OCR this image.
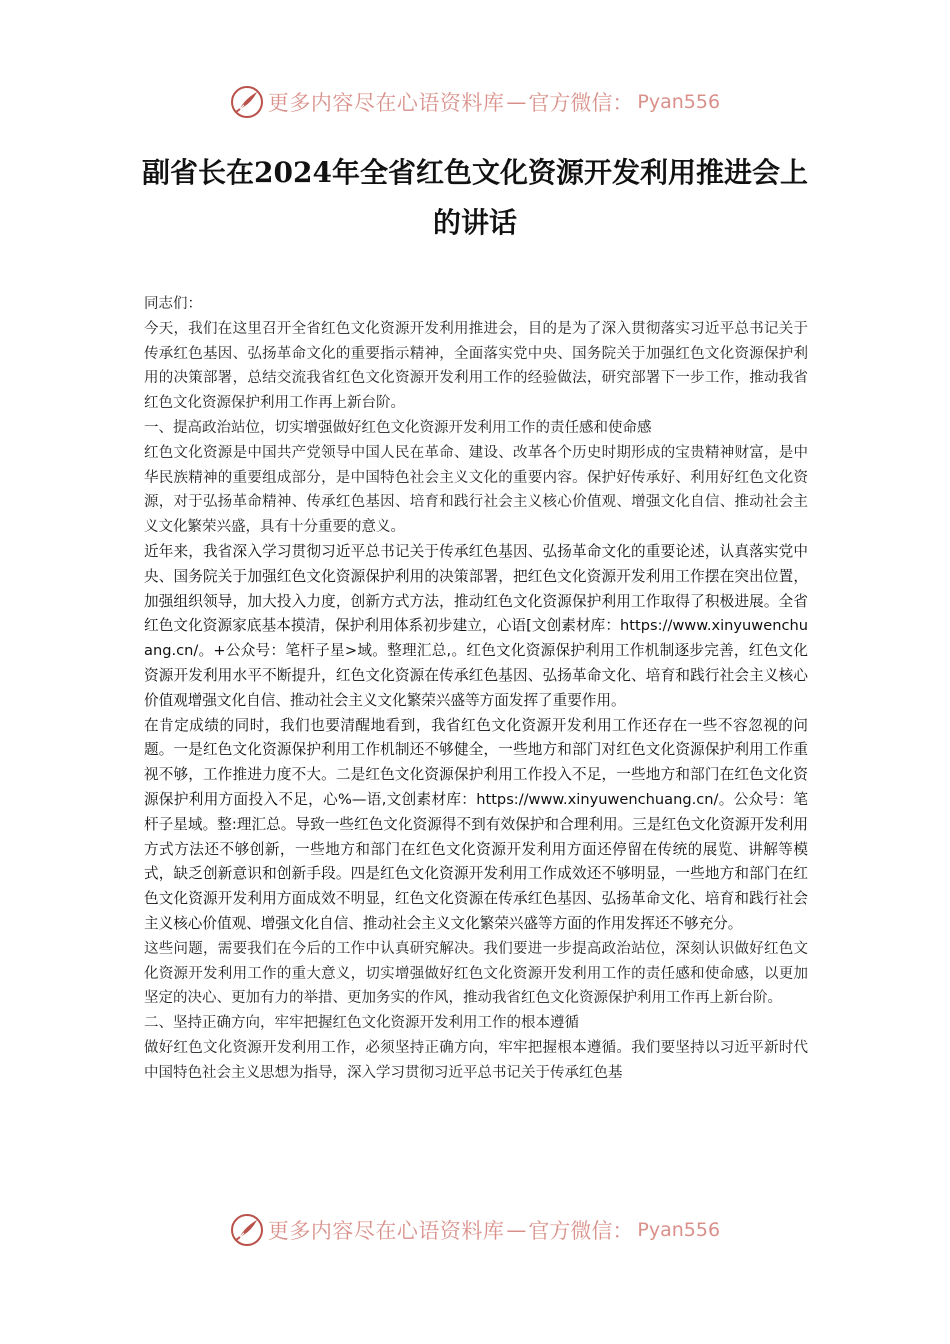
更多内容尽在心语资料库 — 官方微信： Pyan556
副省长在2024年全省红色文化资源开发利用推进会上的讲话

同志们：

今天，我们在这里召开全省红色文化资源开发利用推进会，目的是为了深入贯彻落实习近平总书记关于传承红色基因、弘扬革命文化的重要指示精神，全面落实党中央、国务院关于加强红色文化资源保护利用的决策部署，总结交流我省红色文化资源开发利用工作的经验做法，研究部署下一步工作，推动我省红色文化资源保护利用工作再上新台阶。

一、提高政治站位，切实增强做好红色文化资源开发利用工作的责任感和使命感

红色文化资源是中国共产党领导中国人民在革命、建设、改革各个历史时期形成的宝贵精神财富，是中华民族精神的重要组成部分，是中国特色社会主义文化的重要内容。保护好传承好、利用好红色文化资源，对于弘扬革命精神、传承红色基因、培育和践行社会主义核心价值观、增强文化自信、推动社会主义文化繁荣兴盛，具有十分重要的意义。

近年来，我省深入学习贯彻习近平总书记关于传承红色基因、弘扬革命文化的重要论述，认真落实党中央、国务院关于加强红色文化资源保护利用的决策部署，把红色文化资源开发利用工作摆在突出位置，加强组织领导，加大投入力度，创新方式方法，推动红色文化资源保护利用工作取得了积极进展。全省红色文化资源家底基本摸清，保护利用体系初步建立，心语[文创素材库：https://www.xinyuwenchuang.cn/。+公众号：笔杆子星>域。整理汇总,。红色文化资源保护利用工作机制逐步完善，红色文化资源开发利用水平不断提升，红色文化资源在传承红色基因、弘扬革命文化、培育和践行社会主义核心价值观增强文化自信、推动社会主义文化繁荣兴盛等方面发挥了重要作用。

在肯定成绩的同时，我们也要清醒地看到，我省红色文化资源开发利用工作还存在一些不容忽视的问题。一是红色文化资源保护利用工作机制还不够健全，一些地方和部门对红色文化资源保护利用工作重视不够，工作推进力度不大。二是红色文化资源保护利用工作投入不足，一些地方和部门在红色文化资源保护利用方面投入不足，心%—语,文创素材库：https://www.xinyuwenchuang.cn/。公众号：笔杆子星域。整:理汇总。导致一些红色文化资源得不到有效保护和合理利用。三是红色文化资源开发利用方式方法还不够创新，一些地方和部门在红色文化资源开发利用方面还停留在传统的展览、讲解等模式，缺乏创新意识和创新手段。四是红色文化资源开发利用工作成效还不够明显，一些地方和部门在红色文化资源开发利用方面成效不明显，红色文化资源在传承红色基因、弘扬革命文化、培育和践行社会主义核心价值观、增强文化自信、推动社会主义文化繁荣兴盛等方面的作用发挥还不够充分。

这些问题，需要我们在今后的工作中认真研究解决。我们要进一步提高政治站位，深刻认识做好红色文化资源开发利用工作的重大意义，切实增强做好红色文化资源开发利用工作的责任感和使命感，以更加坚定的决心、更加有力的举措、更加务实的作风，推动我省红色文化资源保护利用工作再上新台阶。

二、坚持正确方向，牢牢把握红色文化资源开发利用工作的根本遵循

做好红色文化资源开发利用工作，必须坚持正确方向，牢牢把握根本遵循。我们要坚持以习近平新时代中国特色社会主义思想为指导，深入学习贯彻习近平总书记关于传承红色基

更多内容尽在心语资料库 — 官方微信： Pyan556
